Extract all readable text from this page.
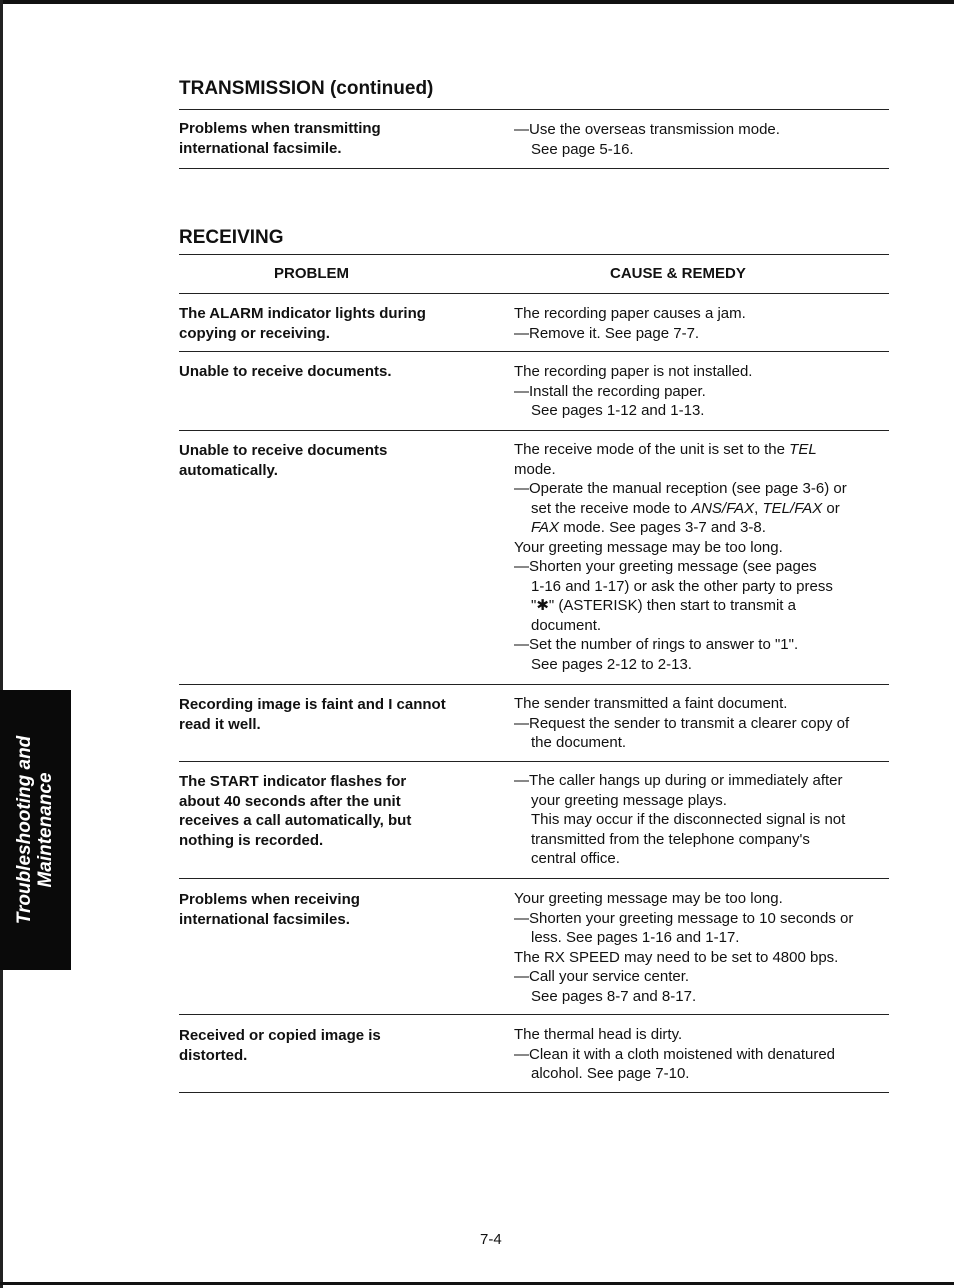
Troubleshooting and Maintenance
TRANSMISSION (continued)
Problems when transmitting
international facsimile.
—Use the overseas transmission mode.
See page 5-16.
RECEIVING
PROBLEM	CAUSE & REMEDY
The ALARM indicator lights during
copying or receiving.
The recording paper causes a jam.
—Remove it. See page 7-7.
Unable to receive documents.	The recording paper is not installed.
—Install the recording paper.
See pages 1-12 and 1-13.
Unable to receive documents
automatically.
The receive mode of the unit is set to the TEL
mode.
—Operate the manual reception (see page 3-6) or
set the receive mode to ANS/FAX, TEL/FAX or
FAX mode. See pages 3-7 and 3-8.
Your greeting message may be too long.
—Shorten your greeting message (see pages
1-16 and 1-17) or ask the other party to press
"✱" (ASTERISK) then start to transmit a
document.
—Set the number of rings to answer to "1".
See pages 2-12 to 2-13.
Recording image is faint and I cannot
read it well.
The sender transmitted a faint document.
—Request the sender to transmit a clearer copy of
the document.
The START indicator flashes for
about 40 seconds after the unit
receives a call automatically, but
nothing is recorded.
—The caller hangs up during or immediately after
your greeting message plays.
This may occur if the disconnected signal is not
transmitted from the telephone company's
central office.
Problems when receiving
international facsimiles.
Your greeting message may be too long.
—Shorten your greeting message to 10 seconds or
less. See pages 1-16 and 1-17.
The RX SPEED may need to be set to 4800 bps.
—Call your service center.
See pages 8-7 and 8-17.
Received or copied image is
distorted.
The thermal head is dirty.
—Clean it with a cloth moistened with denatured
alcohol. See page 7-10.
7-4
